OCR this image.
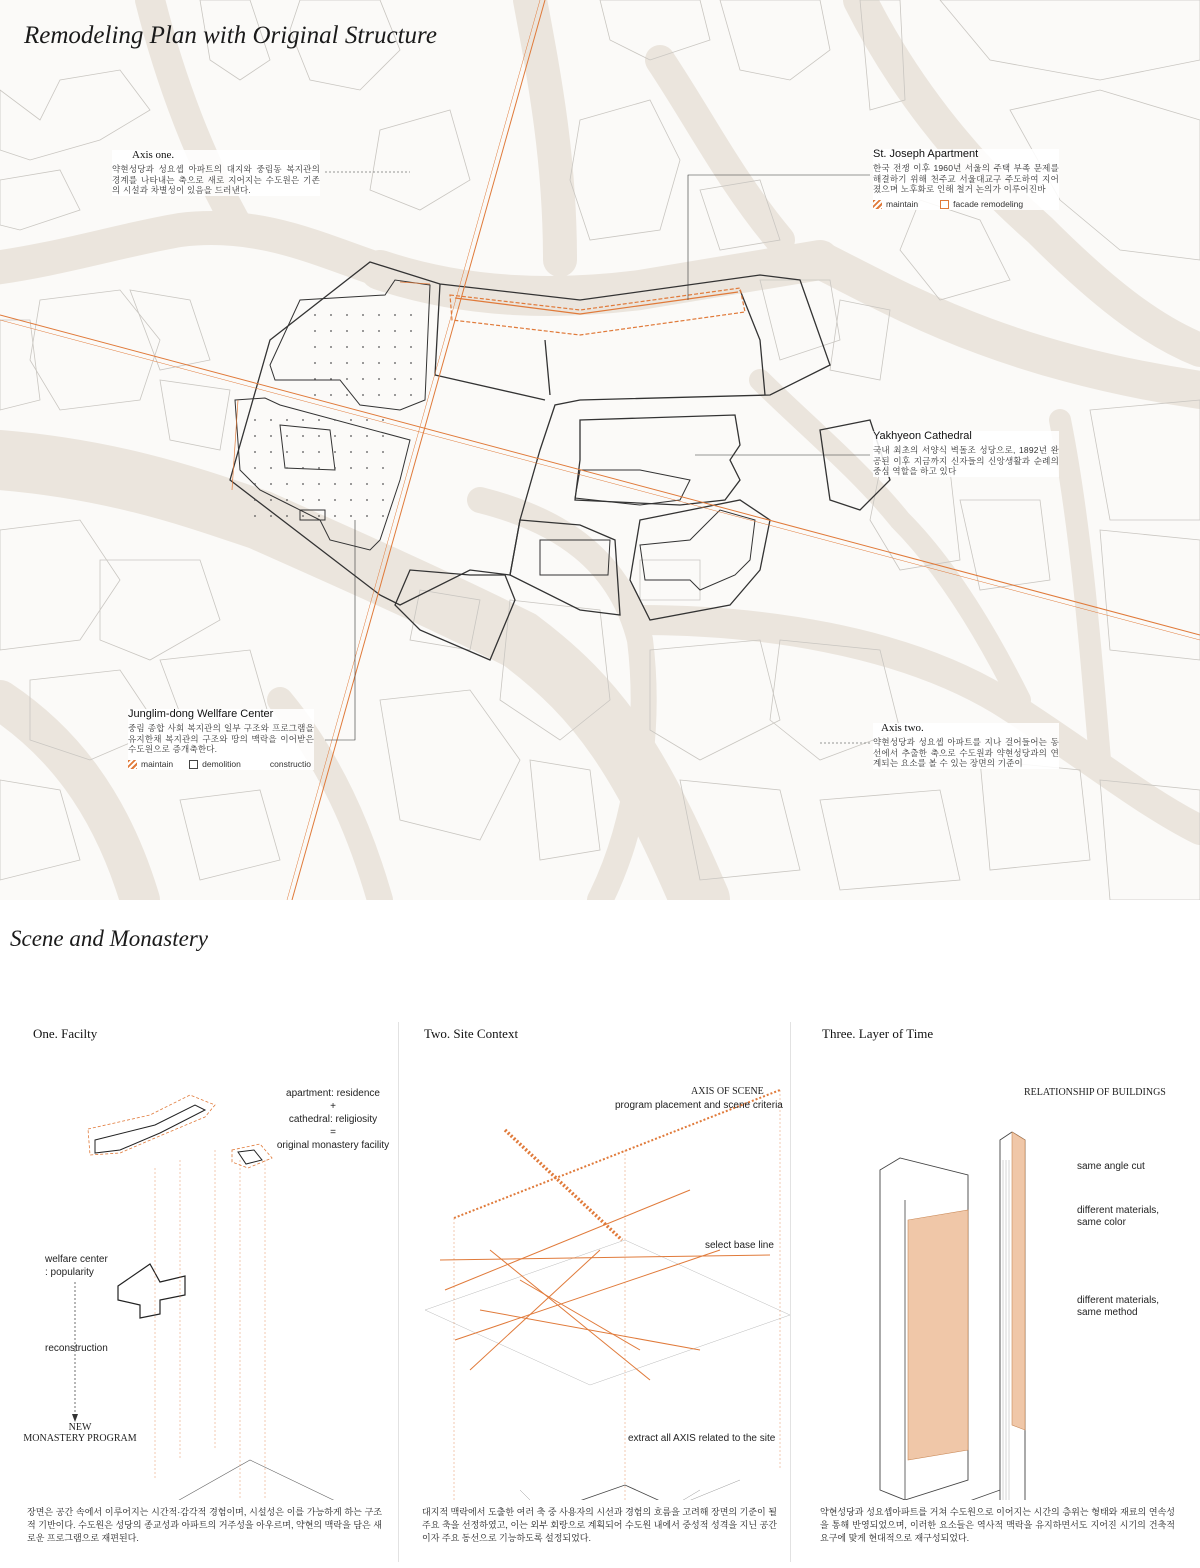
Remodeling Plan with Original Structure
Axis one.
약현성당과 성요셉 아파트의 대지와 중림동 복지관의 경계를 나타내는 축으로 새로 지어지는 수도원은 기존의 시설과 차별성이 있음을 드러낸다.
St. Joseph Apartment
한국 전쟁 이후 1960년 서울의 주택 부족 문제를 해결하기 위해 천주교 서울대교구 주도하여 지어졌으며 노후화로 인해 철거 논의가 이루어진바
maintain	facade remodeling
Yakhyeon Cathedral
국내 최초의 서양식 벽돌조 성당으로, 1892년 완공된 이후 지금까지 신자들의 신앙생활과 순례의 중심 역할을 하고 있다
Junglim-dong Wellfare Center
중림 종합 사회 복지관의 일부 구조와 프로그램을 유지한채 복지관의 구조와 땅의 맥락을 이어받은 수도원으로 증개축한다.
maintain	demolition	constructio
Axis two.
약현성당과 성요셉 아파트를 지나 걸어들어는 동선에서 추출한 축으로 수도원과 약현성당과의 연계되는 요소를 볼 수 있는 장면의 기준이
Scene and Monastery
One. Facilty	Two. Site Context	Three. Layer of Time
apartment: residence
+
cathedral: religiosity
=
original monastery facility
welfare center
: popularity
reconstruction
NEW
MONASTERY PROGRAM
AXIS OF SCENE
program placement and scene criteria
select base line
extract all AXIS related to the site
RELATIONSHIP OF BUILDINGS
same angle cut
different materials,
same color
different materials,
same method
장면은 공간 속에서 이루어지는 시간적·감각적 경험이며, 시설성은 이를 가능하게 하는 구조적 기반이다. 수도원은 성당의 종교성과 아파트의 거주성을 아우르며, 약현의 맥락을 담은 새로운 프로그램으로 재편된다.
대지적 맥락에서 도출한 여러 축 중 사용자의 시선과 경험의 흐름을 고려해 장면의 기준이 될 주요 축을 선정하였고, 이는 외부 회랑으로 계획되어 수도원 내에서 중성적 성격을 지닌 공간이자 주요 동선으로 기능하도록 설정되었다.
약현성당과 성요셉아파트를 거쳐 수도원으로 이어지는 시간의 층위는 형태와 재료의 연속성을 통해 반영되었으며, 이러한 요소들은 역사적 맥락을 유지하면서도 지어진 시기의 건축적 요구에 맞게 현대적으로 재구성되었다.
